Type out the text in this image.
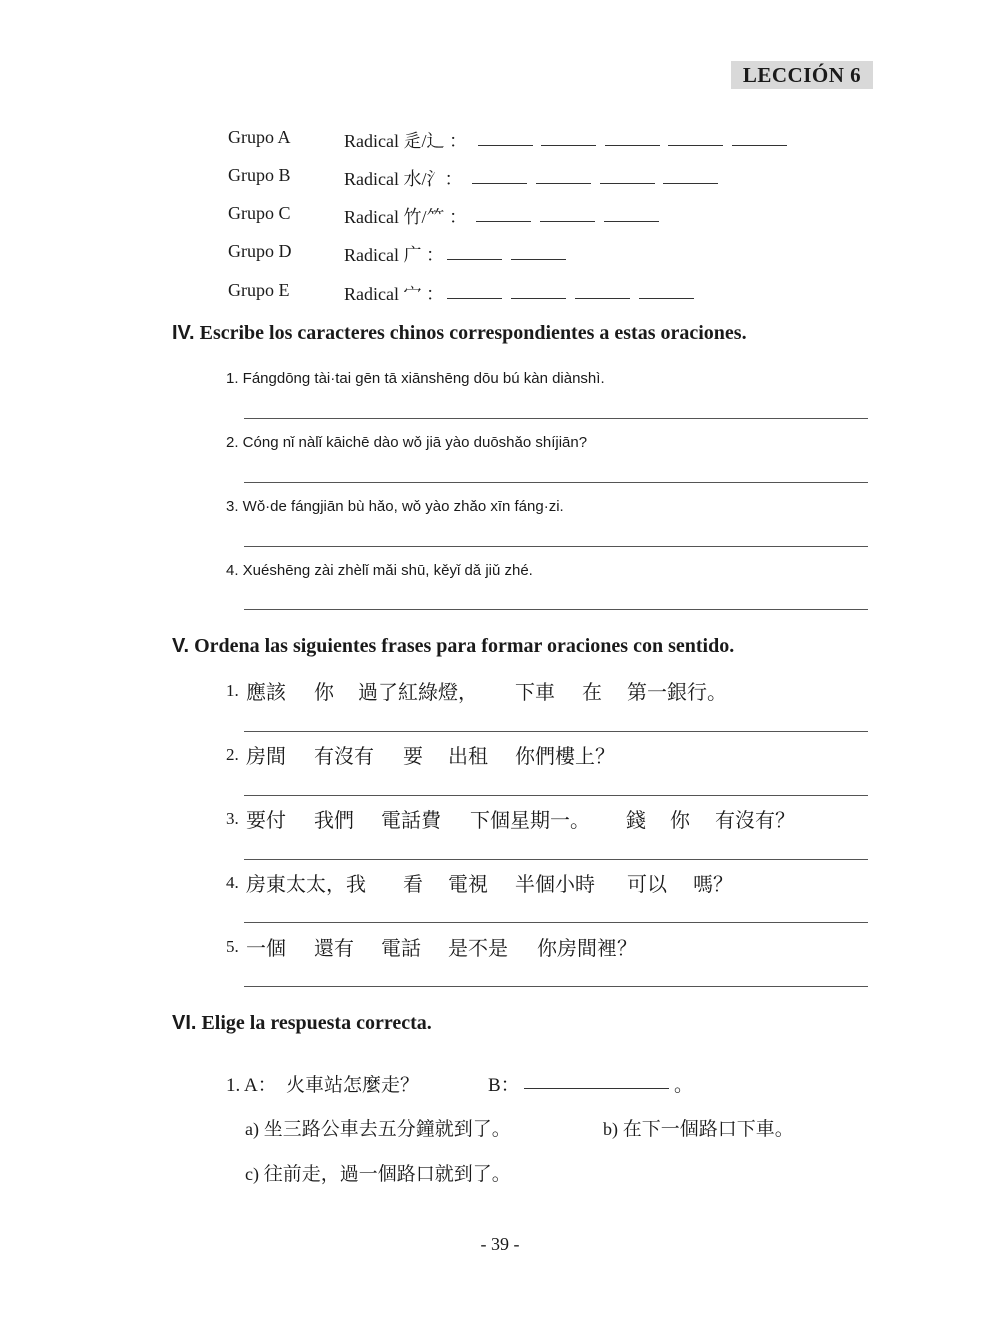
LECCIÓN 6
Grupo A	Radical 辵/⻌ ：
Grupo B	Radical 水/氵：
Grupo C	Radical 竹/⺮ ：
Grupo D	Radical 广 ：
Grupo E	Radical 宀 ：
IV. Escribe los caracteres chinos correspondientes a estas oraciones.
1. Fángdōng tài·tai gēn tā xiānshēng dōu bú kàn diànshì.
2. Cóng nǐ nàlǐ kāichē dào wǒ jiā yào duōshǎo shíjiān?
3. Wǒ·de fángjiān bù hǎo, wǒ yào zhǎo xīn fáng·zi.
4. Xuéshēng zài zhèlǐ mǎi shū, kěyǐ dǎ jiǔ zhé.
V. Ordena las siguientes frases para formar oraciones con sentido.
1. 應該 你 過了紅綠燈， 下車 在 第一銀行。
2. 房間 有沒有 要 出租 你們樓上？
3. 要付 我們 電話費 下個星期一。 錢 你 有沒有？
4. 房東太太，我 看 電視 半個小時 可以 嗎？
5. 一個 還有 電話 是不是 你房間裡？
VI. Elige la respuesta correcta.
1. A： 火車站怎麼走？	B：	。
a) 坐三路公車去五分鐘就到了。	b) 在下一個路口下車。
c) 往前走，過一個路口就到了。
- 39 -
